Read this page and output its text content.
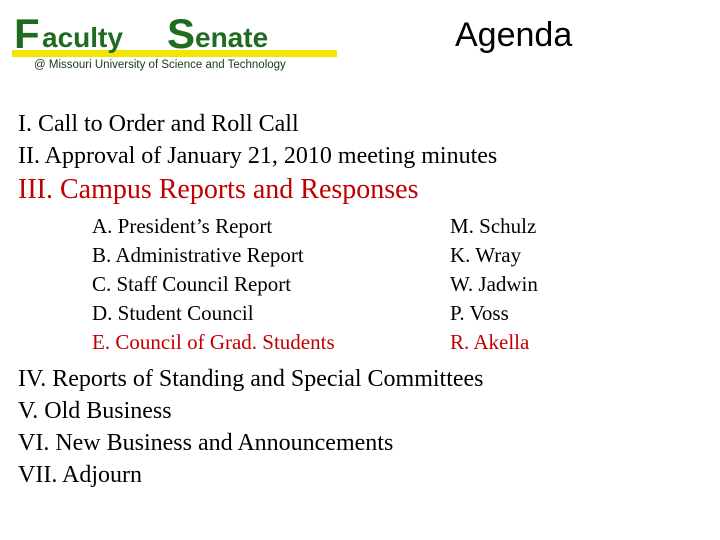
F aculty S enate
@ Missouri University of Science and Technology
Agenda
I. Call to Order and Roll Call
II. Approval of January 21, 2010 meeting minutes
III. Campus Reports and Responses
A. President’s Report	M. Schulz
B. Administrative Report	K. Wray
C. Staff Council Report	W. Jadwin
D. Student Council	P. Voss
E. Council of Grad. Students	R. Akella
IV. Reports of Standing and Special Committees
V. Old Business
VI. New Business and Announcements
VII. Adjourn
